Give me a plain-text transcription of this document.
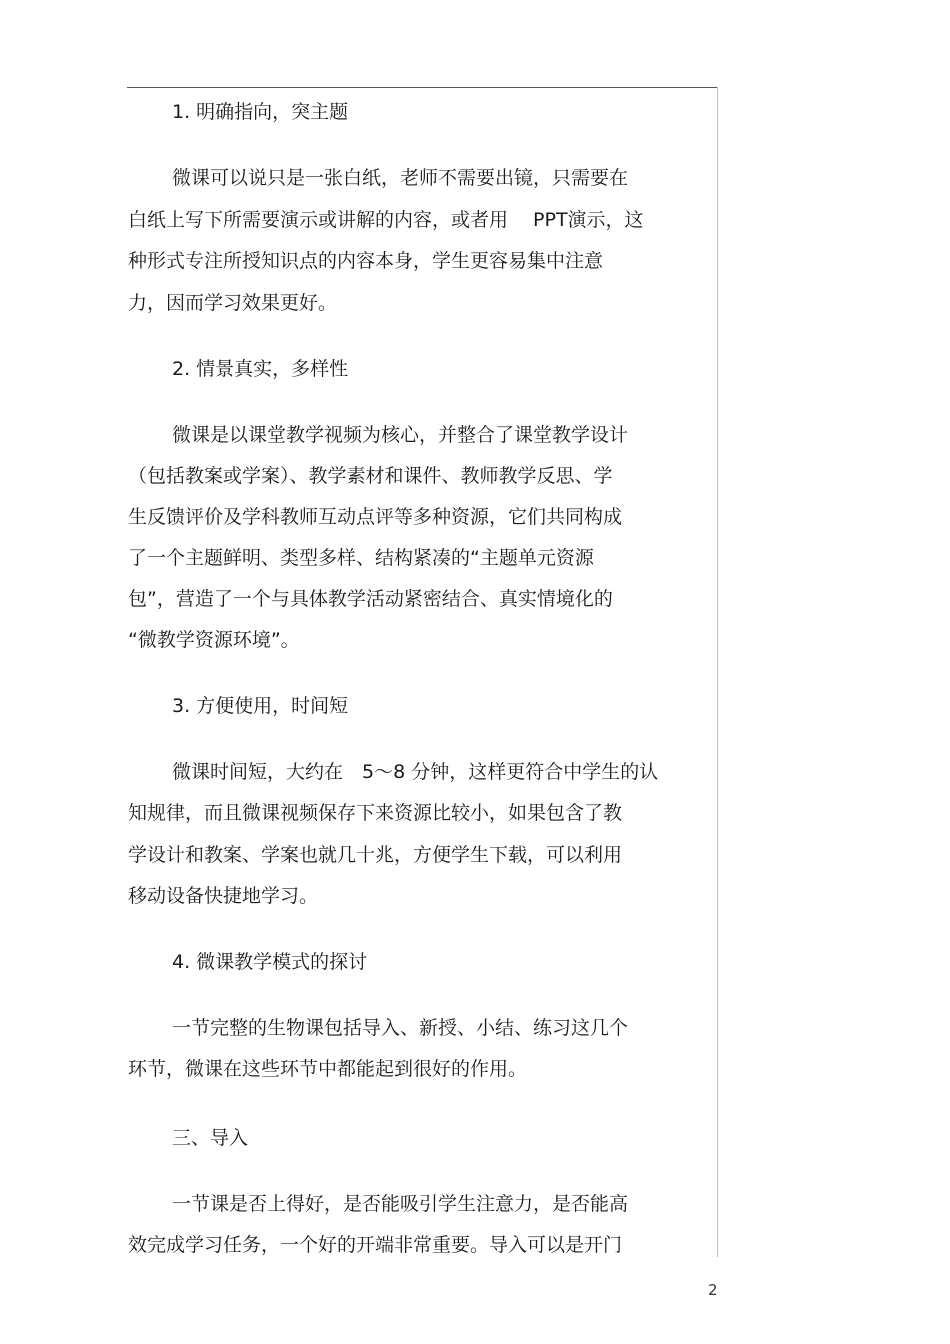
1. 明确指向，突主题

微课可以说只是一张白纸，老师不需要出镜，只需要在

白纸上写下所需要演示或讲解的内容，或者用　 PPT演示，这

种形式专注所授知识点的内容本身，学生更容易集中注意

力，因而学习效果更好。

2. 情景真实，多样性

微课是以课堂教学视频为核心，并整合了课堂教学设计

（包括教案或学案）、教学素材和课件、教师教学反思、学

生反馈评价及学科教师互动点评等多种资源，它们共同构成

了一个主题鲜明、类型多样、结构紧凑的“主题单元资源

包”，营造了一个与具体教学活动紧密结合、真实情境化的

“微教学资源环境”。

3. 方便使用，时间短

微课时间短，大约在　5～8 分钟，这样更符合中学生的认

知规律，而且微课视频保存下来资源比较小，如果包含了教

学设计和教案、学案也就几十兆，方便学生下载，可以利用

移动设备快捷地学习。

4. 微课教学模式的探讨

一节完整的生物课包括导入、新授、小结、练习这几个

环节，微课在这些环节中都能起到很好的作用。

三、导入

一节课是否上得好，是否能吸引学生注意力，是否能高

效完成学习任务，一个好的开端非常重要。导入可以是开门

2
